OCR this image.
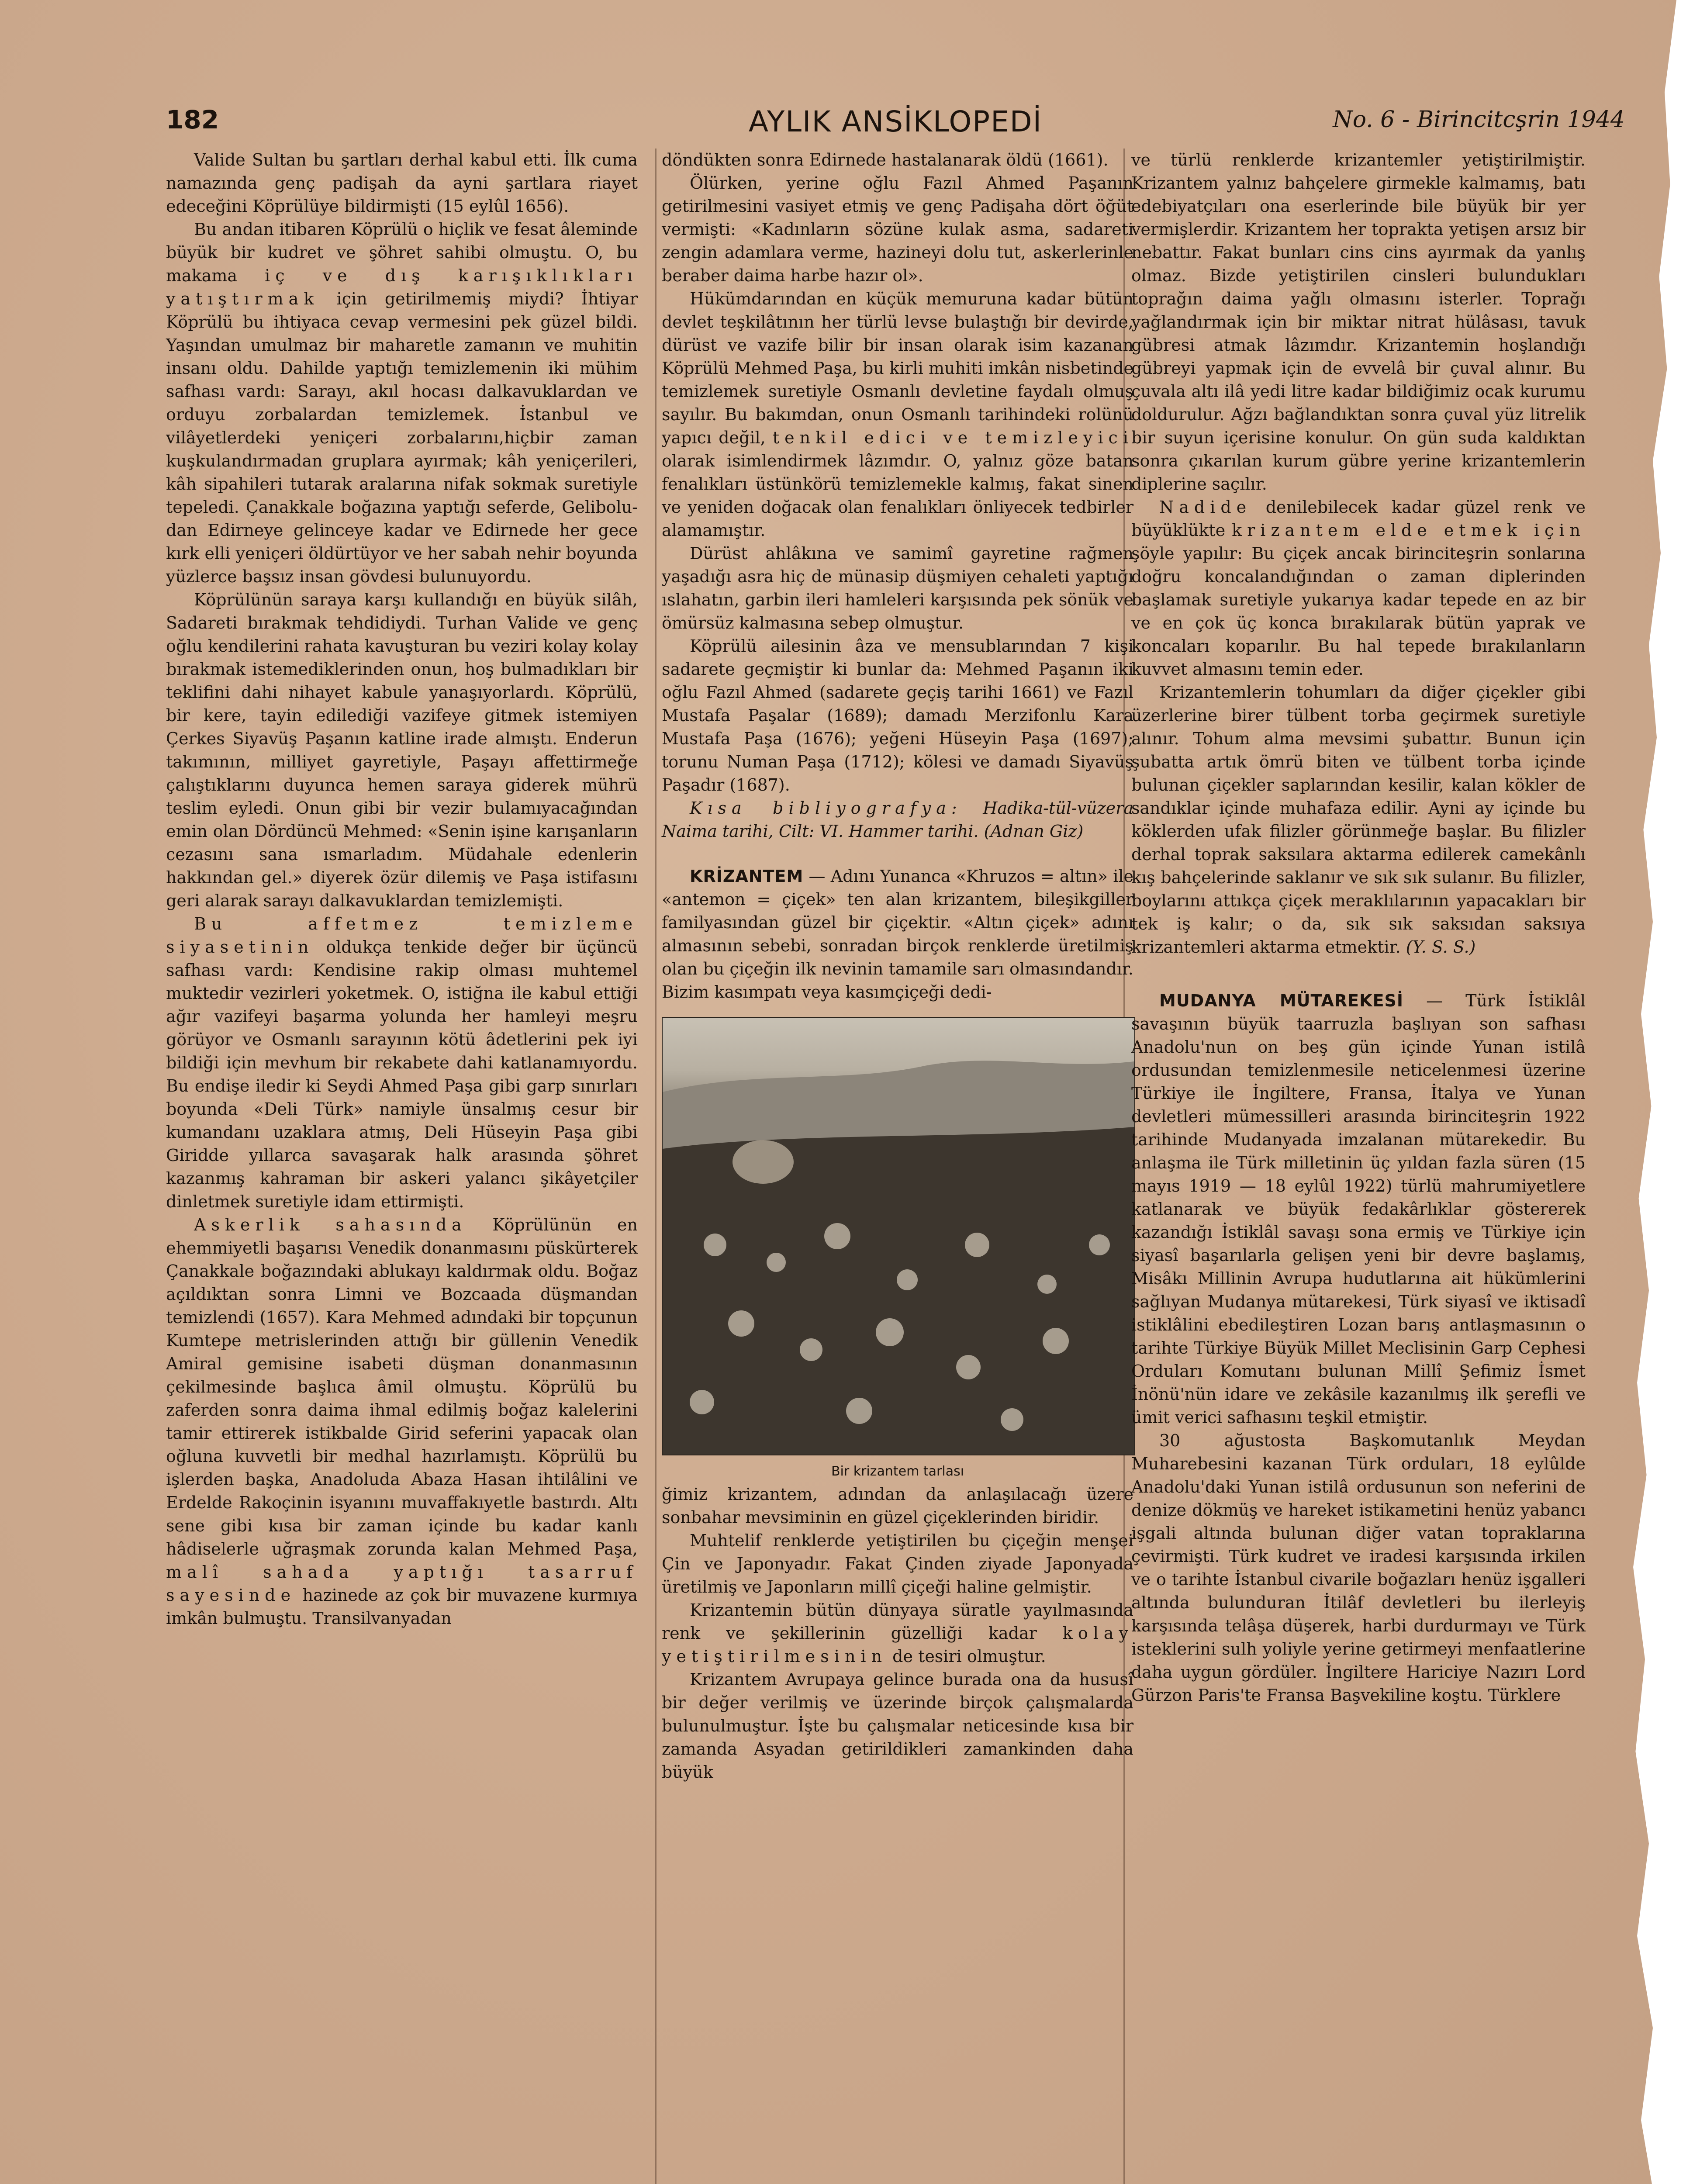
182	AYLIK ANSİKLOPEDİ	No. 6 - Birincitcşrin 1944

Valide Sultan bu şartları derhal kabul etti. İlk cuma namazında genç padişah da ayni şartlara riayet edeceğini Köprülüye bildirmişti (15 eylûl 1656).

Bu andan itibaren Köprülü o hiçlik ve fesat âleminde büyük bir kudret ve şöhret sahibi olmuştu. O, bu makama iç ve dış karışıklıkları yatıştırmak için getirilmemiş miydi? İhtiyar Köprülü bu ihtiyaca cevap vermesini pek güzel bildi. Yaşından umulmaz bir maharetle zamanın ve muhitin insanı oldu. Dahilde yaptığı temizlemenin iki mühim safhası vardı: Sarayı, akıl hocası dalkavuklardan ve orduyu zorbalardan temizlemek. İstanbul ve vilâyetlerdeki yeniçeri zorbalarını,hiçbir zaman kuşkulandırmadan gruplara ayırmak; kâh yeniçerileri, kâh sipahileri tutarak aralarına nifak sokmak suretiyle tepeledi. Çanakkale boğazına yaptığı seferde, Gelibolu-dan Edirneye gelinceye kadar ve Edirnede her gece kırk elli yeniçeri öldürtüyor ve her sabah nehir boyunda yüzlerce başsız insan gövdesi bulunuyordu.

Köprülünün saraya karşı kullandığı en büyük silâh, Sadareti bırakmak tehdidiydi. Turhan Valide ve genç oğlu kendilerini rahata kavuşturan bu veziri kolay kolay bırakmak istemediklerinden onun, hoş bulmadıkları bir teklifini dahi nihayet kabule yanaşıyorlardı. Köprülü, bir kere, tayin edilediği vazifeye gitmek istemiyen Çerkes Siyavüş Paşanın katline irade almıştı. Enderun takımının, milliyet gayretiyle, Paşayı affettirmeğe çalıştıklarını duyunca hemen saraya giderek mührü teslim eyledi. Onun gibi bir vezir bulamıyacağından emin olan Dördüncü Mehmed: «Senin işine karışanların cezasını sana ısmarladım. Müdahale edenlerin hakkından gel.» diyerek özür dilemiş ve Paşa istifasını geri alarak sarayı dalkavuklardan temizlemişti.

Bu affetmez temizleme siyasetinin oldukça tenkide değer bir üçüncü safhası vardı: Kendisine rakip olması muhtemel muktedir vezirleri yoketmek. O, istiğna ile kabul ettiği ağır vazifeyi başarma yolunda her hamleyi meşru görüyor ve Osmanlı sarayının kötü âdetlerini pek iyi bildiği için mevhum bir rekabete dahi katlanamıyordu. Bu endişe iledir ki Seydi Ahmed Paşa gibi garp sınırları boyunda «Deli Türk» namiyle ünsalmış cesur bir kumandanı uzaklara atmış, Deli Hüseyin Paşa gibi Giridde yıllarca savaşarak halk arasında şöhret kazanmış kahraman bir askeri yalancı şikâyetçiler dinletmek suretiyle idam ettirmişti.

Askerlik sahasında Köprülünün en ehemmiyetli başarısı Venedik donanmasını püskürterek Çanakkale boğazındaki ablukayı kaldırmak oldu. Boğaz açıldıktan sonra Limni ve Bozcaada düşmandan temizlendi (1657). Kara Mehmed adındaki bir topçunun Kumtepe metrislerinden attığı bir güllenin Venedik Amiral gemisine isabeti düşman donanmasının çekilmesinde başlıca âmil olmuştu. Köprülü bu zaferden sonra daima ihmal edilmiş boğaz kalelerini tamir ettirerek istikbalde Girid seferini yapacak olan oğluna kuvvetli bir medhal hazırlamıştı. Köprülü bu işlerden başka, Anadoluda Abaza Hasan ihtilâlini ve Erdelde Rakoçinin isyanını muvaffakıyetle bastırdı. Altı sene gibi kısa bir zaman içinde bu kadar kanlı hâdiselerle uğraşmak zorunda kalan Mehmed Paşa, malî sahada yaptığı tasarruf sayesinde hazinede az çok bir muvazene kurmıya imkân bulmuştu. Transilvanyadan

döndükten sonra Edirnede hastalanarak öldü (1661).

Ölürken, yerine oğlu Fazıl Ahmed Paşanın getirilmesini vasiyet etmiş ve genç Padişaha dört öğüt vermişti: «Kadınların sözüne kulak asma, sadareti zengin adamlara verme, hazineyi dolu tut, askerlerinle beraber daima harbe hazır ol».

Hükümdarından en küçük memuruna kadar bütün devlet teşkilâtının her türlü levse bulaştığı bir devirde, dürüst ve vazife bilir bir insan olarak isim kazanan Köprülü Mehmed Paşa, bu kirli muhiti imkân nisbetinde temizlemek suretiyle Osmanlı devletine faydalı olmuş sayılır. Bu bakımdan, onun Osmanlı tarihindeki rolünü yapıcı değil, tenkil edici ve temizleyici olarak isimlendirmek lâzımdır. O, yalnız göze batan fenalıkları üstünkörü temizlemekle kalmış, fakat sinen ve yeniden doğacak olan fenalıkları önliyecek tedbirler alamamıştır.

Dürüst ahlâkına ve samimî gayretine rağmen yaşadığı asra hiç de münasip düşmiyen cehaleti yaptığı ıslahatın, garbin ileri hamleleri karşısında pek sönük ve ömürsüz kalmasına sebep olmuştur.

Köprülü ailesinin âza ve mensublarından 7 kişi sadarete geçmiştir ki bunlar da: Mehmed Paşanın iki oğlu Fazıl Ahmed (sadarete geçiş tarihi 1661) ve Fazıl Mustafa Paşalar (1689); damadı Merzifonlu Kara Mustafa Paşa (1676); yeğeni Hüseyin Paşa (1697); torunu Numan Paşa (1712); kölesi ve damadı Siyavüş Paşadır (1687).

Kısa bibliyografya: Hadika-tül-vüzera Naima tarihi, Cilt: VI. Hammer tarihi. (Adnan Giz)

KRİZANTEM — Adını Yunanca «Khruzos = altın» ile «antemon = çiçek» ten alan krizantem, bileşikgiller familyasından güzel bir çiçektir. «Altın çiçek» adını almasının sebebi, sonradan birçok renklerde üretilmiş olan bu çiçeğin ilk nevinin tamamile sarı olmasındandır. Bizim kasımpatı veya kasımçiçeği dedi-

Bir krizantem tarlası

ğimiz krizantem, adından da anlaşılacağı üzere sonbahar mevsiminin en güzel çiçeklerinden biridir.

Muhtelif renklerde yetiştirilen bu çiçeğin menşei Çin ve Japonyadır. Fakat Çinden ziyade Japonyada üretilmiş ve Japonların millî çiçeği haline gelmiştir.

Krizantemin bütün dünyaya süratle yayılmasında renk ve şekillerinin güzelliği kadar kolay yetiştirilmesinin de tesiri olmuştur.

Krizantem Avrupaya gelince burada ona da hususî bir değer verilmiş ve üzerinde birçok çalışmalarda bulunulmuştur. İşte bu çalışmalar neticesinde kısa bir zamanda Asyadan getirildikleri zamankinden daha büyük

ve türlü renklerde krizantemler yetiştirilmiştir. Krizantem yalnız bahçelere girmekle kalmamış, batı edebiyatçıları ona eserlerinde bile büyük bir yer vermişlerdir. Krizantem her toprakta yetişen arsız bir nebattır. Fakat bunları cins cins ayırmak da yanlış olmaz. Bizde yetiştirilen cinsleri bulundukları toprağın daima yağlı olmasını isterler. Toprağı yağlandırmak için bir miktar nitrat hülâsası, tavuk gübresi atmak lâzımdır. Krizantemin hoşlandığı gübreyi yapmak için de evvelâ bir çuval alınır. Bu çuvala altı ilâ yedi litre kadar bildiğimiz ocak kurumu doldurulur. Ağzı bağlandıktan sonra çuval yüz litrelik bir suyun içerisine konulur. On gün suda kaldıktan sonra çıkarılan kurum gübre yerine krizantemlerin diplerine saçılır.

Nadide denilebilecek kadar güzel renk ve büyüklükte krizantem elde etmek için şöyle yapılır: Bu çiçek ancak birinciteşrin sonlarına doğru koncalandığından o zaman diplerinden başlamak suretiyle yukarıya kadar tepede en az bir ve en çok üç konca bırakılarak bütün yaprak ve koncaları koparılır. Bu hal tepede bırakılanların kuvvet almasını temin eder.

Krizantemlerin tohumları da diğer çiçekler gibi üzerlerine birer tülbent torba geçirmek suretiyle alınır. Tohum alma mevsimi şubattır. Bunun için şubatta artık ömrü biten ve tülbent torba içinde bulunan çiçekler saplarından kesilir, kalan kökler de sandıklar içinde muhafaza edilir. Ayni ay içinde bu köklerden ufak filizler görünmeğe başlar. Bu filizler derhal toprak saksılara aktarma edilerek camekânlı kış bahçelerinde saklanır ve sık sık sulanır. Bu filizler, boylarını attıkça çiçek meraklılarının yapacakları bir tek iş kalır; o da, sık sık saksıdan saksıya krizantemleri aktarma etmektir. (Y. S. S.)

MUDANYA MÜTAREKESİ — Türk İstiklâl savaşının büyük taarruzla başlıyan son safhası Anadolu'nun on beş gün içinde Yunan istilâ ordusundan temizlenmesile neticelenmesi üzerine Türkiye ile İngiltere, Fransa, İtalya ve Yunan devletleri mümessilleri arasında birinciteşrin 1922 tarihinde Mudanyada imzalanan mütarekedir. Bu anlaşma ile Türk milletinin üç yıldan fazla süren (15 mayıs 1919 — 18 eylûl 1922) türlü mahrumiyetlere katlanarak ve büyük fedakârlıklar göstererek kazandığı İstiklâl savaşı sona ermiş ve Türkiye için siyasî başarılarla gelişen yeni bir devre başlamış, Misâkı Millinin Avrupa hudutlarına ait hükümlerini sağlıyan Mudanya mütarekesi, Türk siyasî ve iktisadî istiklâlini ebedileştiren Lozan barış antlaşmasının o tarihte Türkiye Büyük Millet Meclisinin Garp Cephesi Orduları Komutanı bulunan Millî Şefimiz İsmet İnönü'nün idare ve zekâsile kazanılmış ilk şerefli ve ümit verici safhasını teşkil etmiştir.

30 ağustosta Başkomutanlık Meydan Muharebesini kazanan Türk orduları, 18 eylûlde Anadolu'daki Yunan istilâ ordusunun son neferini de denize dökmüş ve hareket istikametini henüz yabancı işgali altında bulunan diğer vatan topraklarına çevirmişti. Türk kudret ve iradesi karşısında irkilen ve o tarihte İstanbul civarile boğazları henüz işgalleri altında bulunduran İtilâf devletleri bu ilerleyiş karşısında telâşa düşerek, harbi durdurmayı ve Türk isteklerini sulh yoliyle yerine getirmeyi menfaatlerine daha uygun gördüler. İngiltere Hariciye Nazırı Lord Gürzon Paris'te Fransa Başvekiline koştu. Türklere
